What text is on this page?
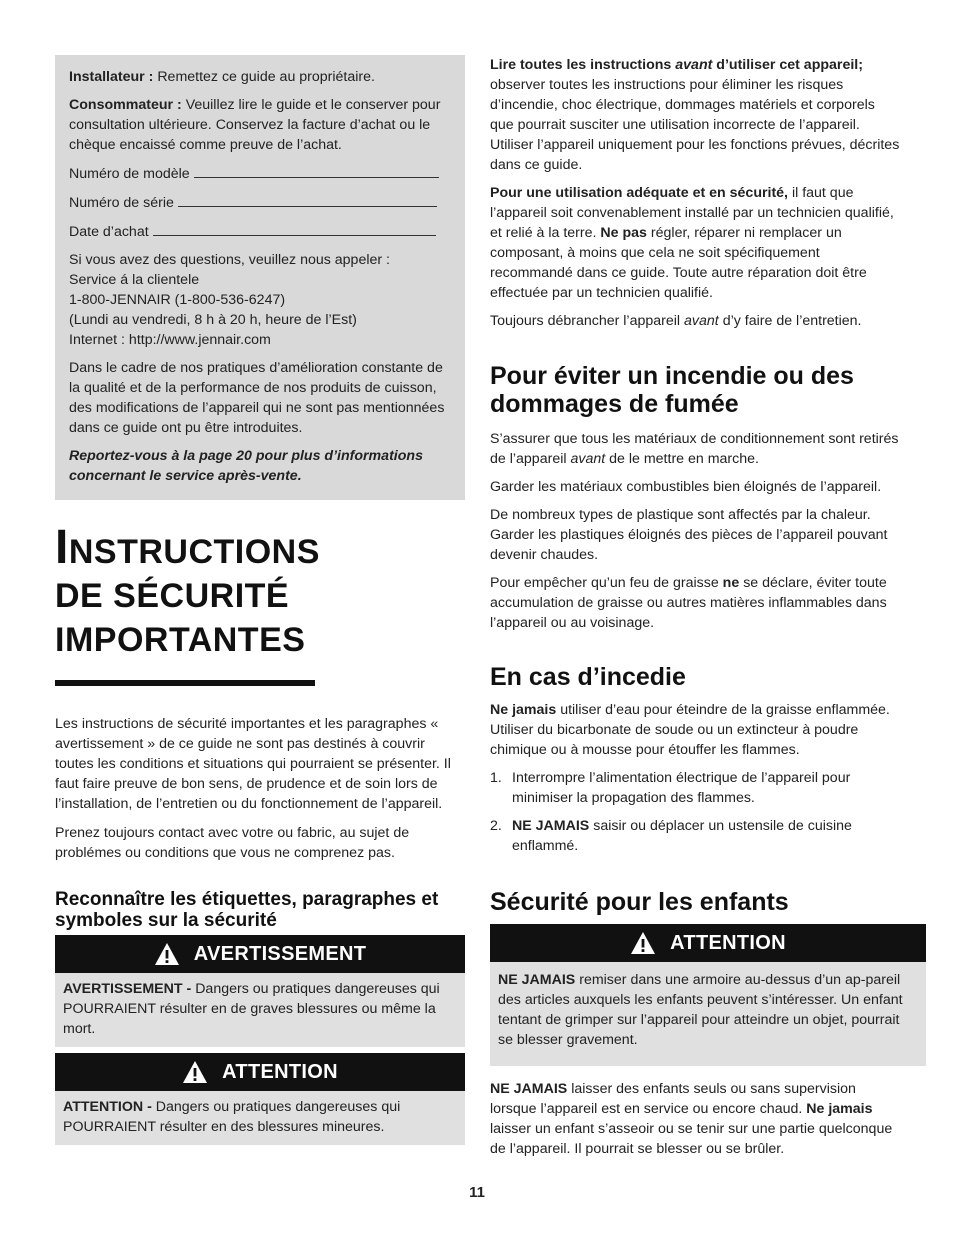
Installateur : Remettez ce guide au propriétaire.

Consommateur : Veuillez lire le guide et le conserver pour consultation ultérieure. Conservez la facture d’achat ou le chèque encaissé comme preuve de l’achat.

Numéro de modèle

Numéro de série

Date d’achat

Si vous avez des questions, veuillez nous appeler :
Service á la clientele
1-800-JENNAIR (1-800-536-6247)
(Lundi au vendredi, 8 h à 20 h, heure de l’Est)
Internet : http://www.jennair.com

Dans le cadre de nos pratiques d’amélioration constante de la qualité et de la performance de nos produits de cuisson, des modifications de l’appareil qui ne sont pas mentionnées dans ce guide ont pu être introduites.

Reportez-vous à la page 20 pour plus d’informations concernant le service après-vente.

INSTRUCTIONS
DE SÉCURITÉ
IMPORTANTES

Les instructions de sécurité importantes et les paragraphes « avertissement » de ce guide ne sont pas destinés à couvrir toutes les conditions et situations qui pourraient se présenter. Il faut faire preuve de bon sens, de prudence et de soin lors de l’installation, de l’entretien ou du fonctionnement de l’appareil.

Prenez toujours contact avec votre ou fabric, au sujet de problémes ou conditions que vous ne comprenez pas.

Reconnaître les étiquettes, paragraphes et symboles sur la sécurité
AVERTISSEMENT
AVERTISSEMENT - Dangers ou pratiques dangereuses qui POURRAIENT résulter en de graves blessures ou même la mort.
ATTENTION
ATTENTION - Dangers ou pratiques dangereuses qui POURRAIENT résulter en des blessures mineures.

Lire toutes les instructions avant d’utiliser cet appareil; observer toutes les instructions pour éliminer les risques d’incendie, choc électrique, dommages matériels et corporels que pourrait susciter une utilisation incorrecte de l’appareil. Utiliser l’appareil uniquement pour les fonctions prévues, décrites dans ce guide.

Pour une utilisation adéquate et en sécurité, il faut que l’appareil soit convenablement installé par un technicien qualifié, et relié à la terre. Ne pas régler, réparer ni remplacer un composant, à moins que cela ne soit spécifiquement recommandé dans ce guide. Toute autre réparation doit être effectuée par un technicien qualifié.

Toujours débrancher l’appareil avant d’y faire de l’entretien.

Pour éviter un incendie ou des dommages de fumée

S’assurer que tous les matériaux de conditionnement sont retirés de l’appareil avant de le mettre en marche.

Garder les matériaux combustibles bien éloignés de l’appareil.

De nombreux types de plastique sont affectés par la chaleur. Garder les plastiques éloignés des pièces de l’appareil pouvant devenir chaudes.

Pour empêcher qu’un feu de graisse ne se déclare, éviter toute accumulation de graisse ou autres matières inflammables dans l’appareil ou au voisinage.

En cas d’incedie

Ne jamais utiliser d’eau pour éteindre de la graisse enflammée. Utiliser du bicarbonate de soude ou un extincteur à poudre chimique ou à mousse pour étouffer les flammes.

1. Interrompre l’alimentation électrique de l’appareil pour minimiser la propagation des flammes.
2. NE JAMAIS saisir ou déplacer un ustensile de cuisine enflammé.
Sécurité pour les enfants
ATTENTION
NE JAMAIS remiser dans une armoire au-dessus d’un ap-pareil des articles auxquels les enfants peuvent s’intéresser. Un enfant tentant de grimper sur l’appareil pour atteindre un objet, pourrait se blesser gravement.

NE JAMAIS laisser des enfants seuls ou sans supervision lorsque l’appareil est en service ou encore chaud. Ne jamais laisser un enfant s’asseoir ou se tenir sur une partie quelconque de l’appareil. Il pourrait se blesser ou se brûler.

11
